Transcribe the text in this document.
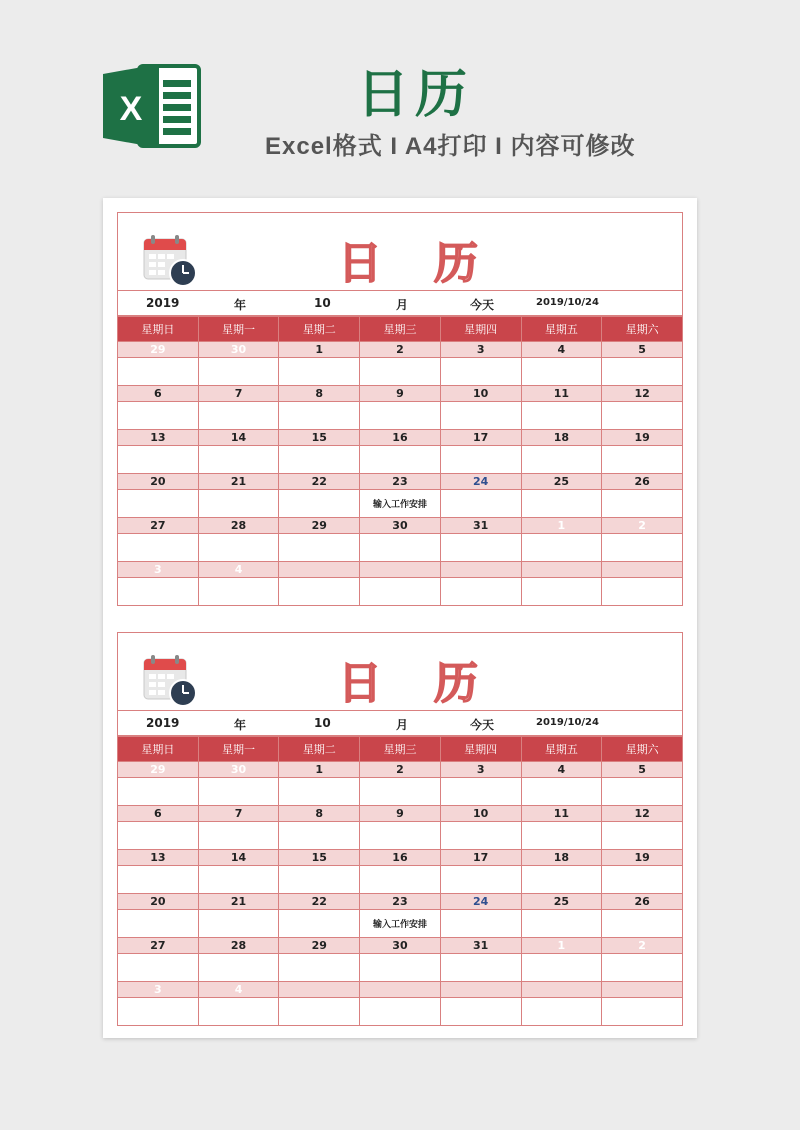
X	日历
Excel格式 I A4打印 I 内容可修改
日 历
2019	年	10	月	今天	2019/10/24
星期日	星期一	星期二	星期三	星期四	星期五	星期六
29	30	1	2	3	4	5

6	7	8	9	10	11	12

13	14	15	16	17	18	19

20	21	22	23	24	25	26
			输入工作安排			
27	28	29	30	31	1	2

3	4					

日 历
2019	年	10	月	今天	2019/10/24
星期日	星期一	星期二	星期三	星期四	星期五	星期六
29	30	1	2	3	4	5

6	7	8	9	10	11	12

13	14	15	16	17	18	19

20	21	22	23	24	25	26
			输入工作安排			
27	28	29	30	31	1	2

3	4					
